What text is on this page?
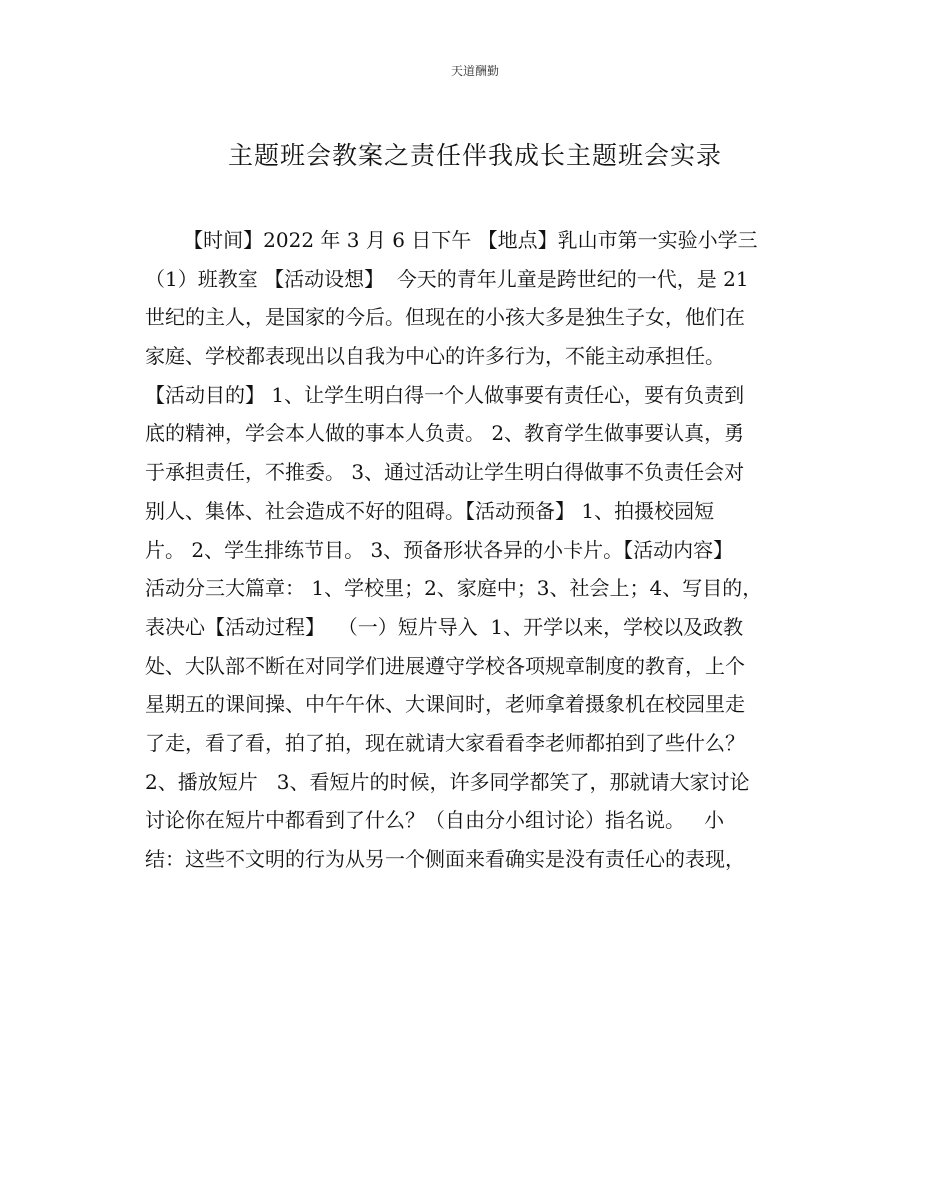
天道酬勤
主题班会教案之责任伴我成长主题班会实录
【时间】2022 年 3 月 6 日下午 【地点】乳山市第一实验小学三
（1）班教室 【活动设想】  今天的青年儿童是跨世纪的一代，是 21
世纪的主人，是国家的今后。但现在的小孩大多是独生子女，他们在
家庭、学校都表现出以自我为中心的许多行为，不能主动承担任。
【活动目的】 1、让学生明白得一个人做事要有责任心，要有负责到
底的精神，学会本人做的事本人负责。 2、教育学生做事要认真，勇
于承担责任，不推委。 3、通过活动让学生明白得做事不负责任会对
别人、集体、社会造成不好的阻碍。【活动预备】 1、拍摄校园短
片。 2、学生排练节目。 3、预备形状各异的小卡片。【活动内容】
活动分三大篇章： 1、学校里；2、家庭中；3、社会上；4、写目的，
表决心【活动过程】  （一）短片导入  1、开学以来，学校以及政教
处、大队部不断在对同学们进展遵守学校各项规章制度的教育，上个
星期五的课间操、中午午休、大课间时，老师拿着摄象机在校园里走
了走，看了看，拍了拍，现在就请大家看看李老师都拍到了些什么？
2、播放短片   3、看短片的时候，许多同学都笑了，那就请大家讨论
讨论你在短片中都看到了什么？（自由分小组讨论）指名说。   小
结：这些不文明的行为从另一个侧面来看确实是没有责任心的表现，
